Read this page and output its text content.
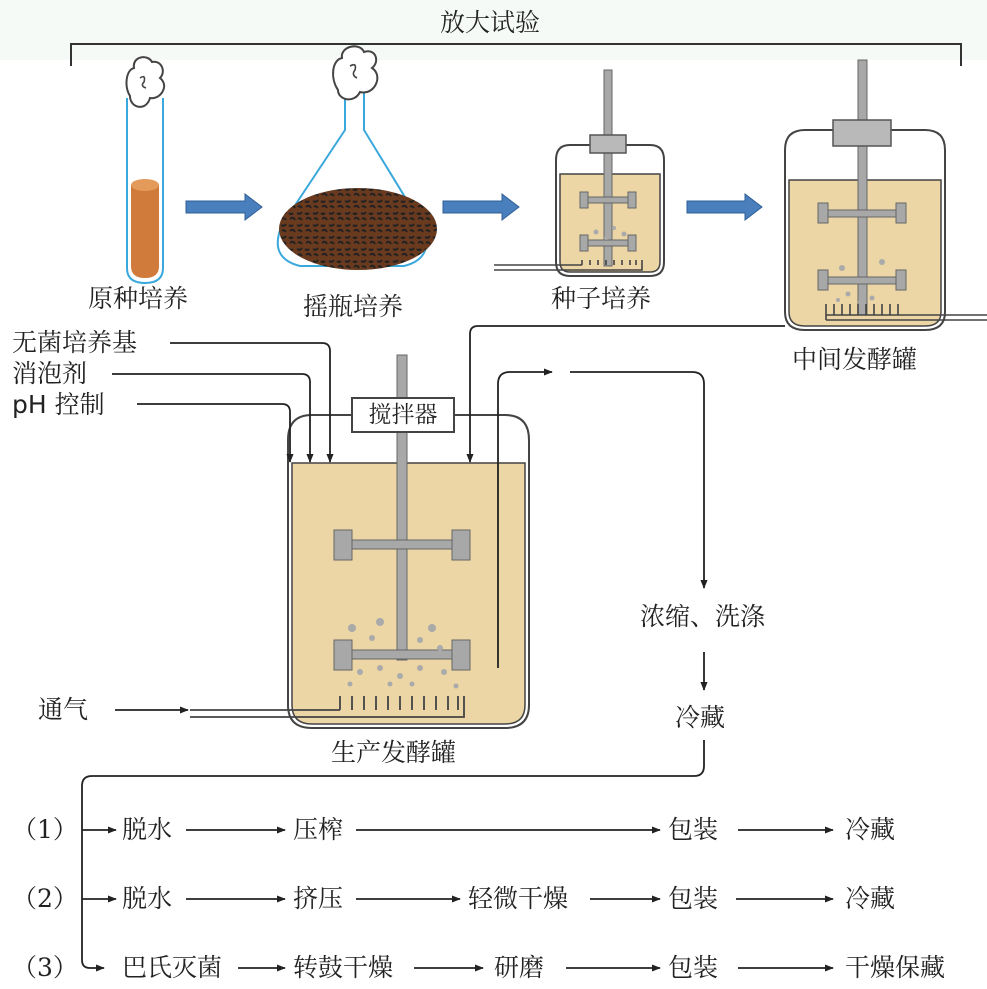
放大试验
原种培养	摇瓶培养	种子培养
中间发酵罐
生产发酵罐
无菌培养基
消泡剂
pH 控制
通气
搅拌器
浓缩、洗涤
冷藏
（1） 脱水	压榨	包装	冷藏
（2） 脱水	挤压	轻微干燥	包装	冷藏
（3） 巴氏灭菌	转鼓干燥	研磨	包装	干燥保藏
